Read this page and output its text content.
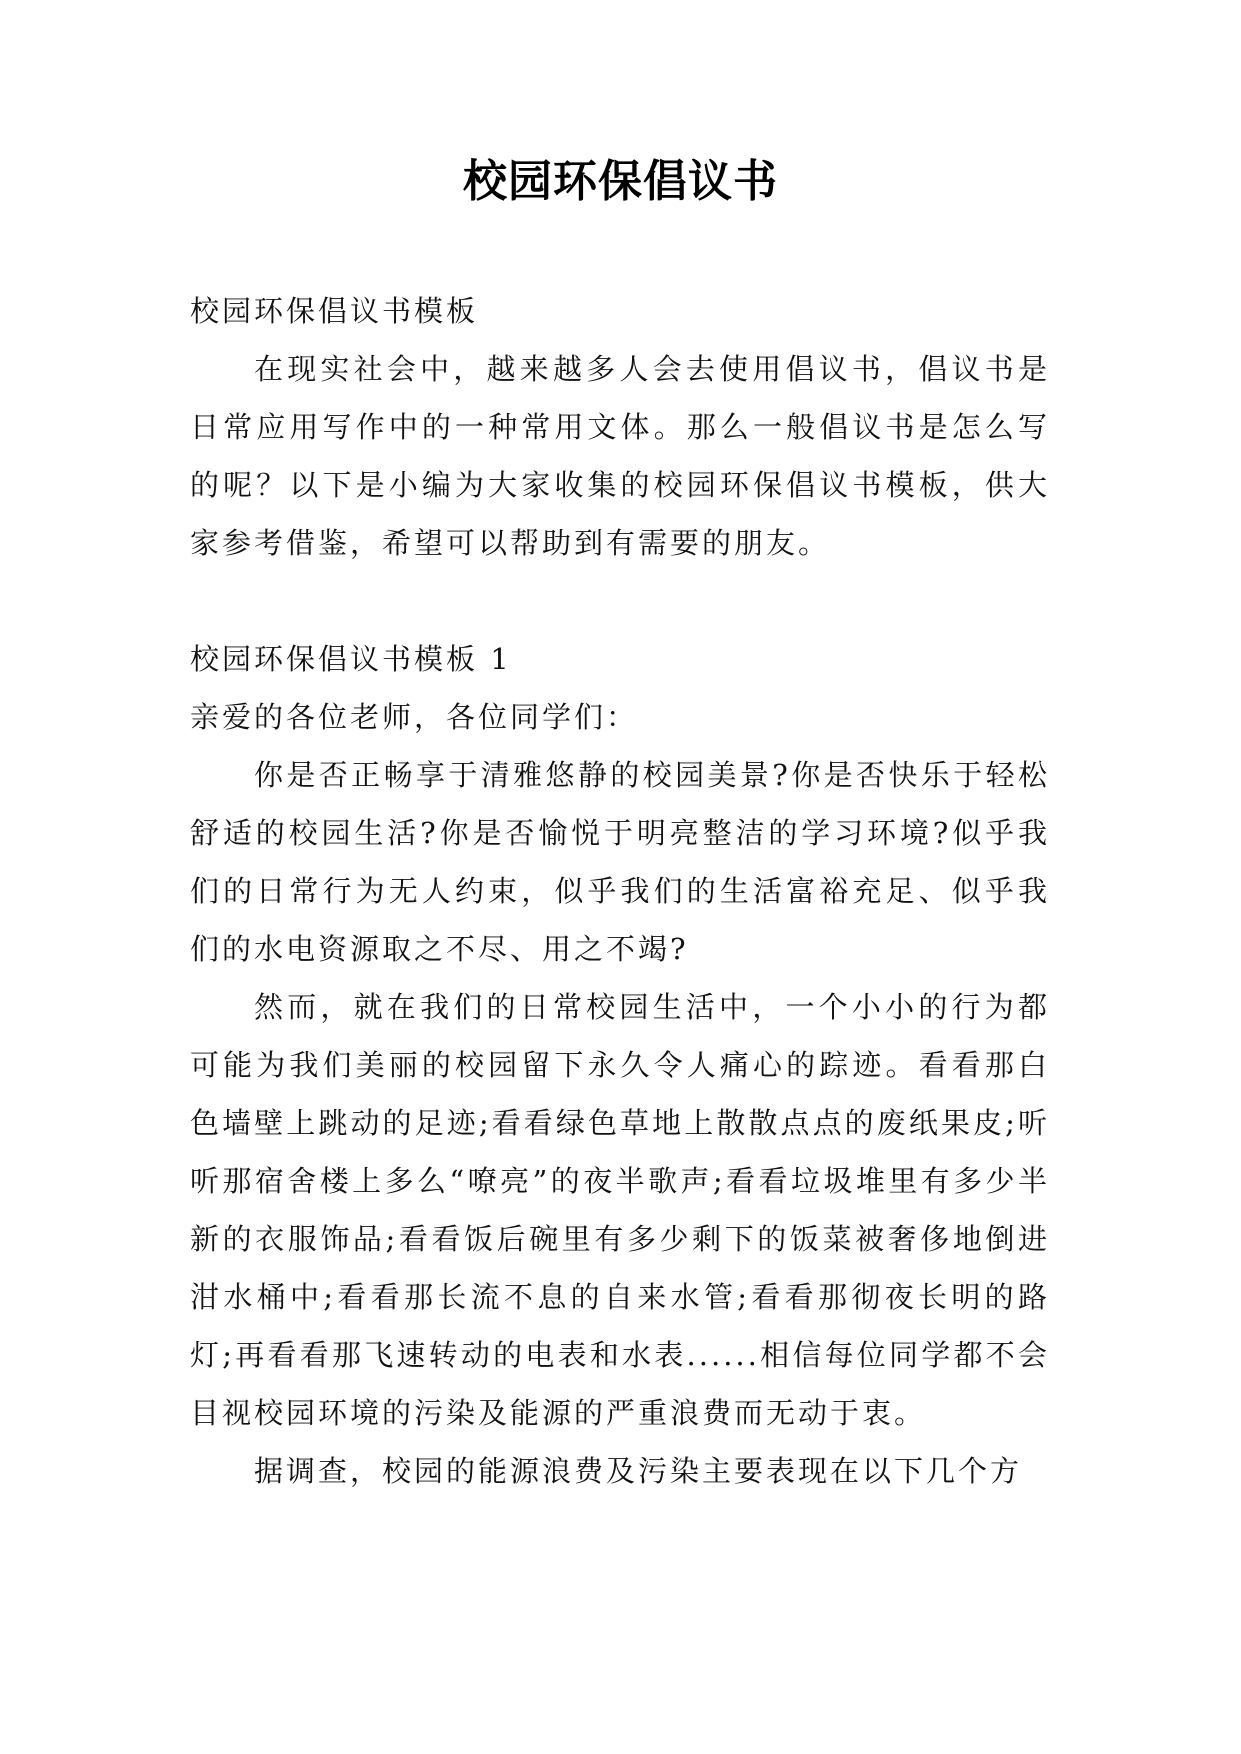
校园环保倡议书

校园环保倡议书模板

在现实社会中，越来越多人会去使用倡议书，倡议书是日常应用写作中的一种常用文体。那么一般倡议书是怎么写的呢？以下是小编为大家收集的校园环保倡议书模板，供大家参考借鉴，希望可以帮助到有需要的朋友。

校园环保倡议书模板 1

亲爱的各位老师，各位同学们：

你是否正畅享于清雅悠静的校园美景?你是否快乐于轻松舒适的校园生活?你是否愉悦于明亮整洁的学习环境?似乎我们的日常行为无人约束，似乎我们的生活富裕充足、似乎我们的水电资源取之不尽、用之不竭?

然而，就在我们的日常校园生活中，一个小小的行为都可能为我们美丽的校园留下永久令人痛心的踪迹。看看那白色墙壁上跳动的足迹;看看绿色草地上散散点点的废纸果皮;听听那宿舍楼上多么“嘹亮”的夜半歌声;看看垃圾堆里有多少半新的衣服饰品;看看饭后碗里有多少剩下的饭菜被奢侈地倒进泔水桶中;看看那长流不息的自来水管;看看那彻夜长明的路灯;再看看那飞速转动的电表和水表......相信每位同学都不会目视校园环境的污染及能源的严重浪费而无动于衷。

据调查，校园的能源浪费及污染主要表现在以下几个方
